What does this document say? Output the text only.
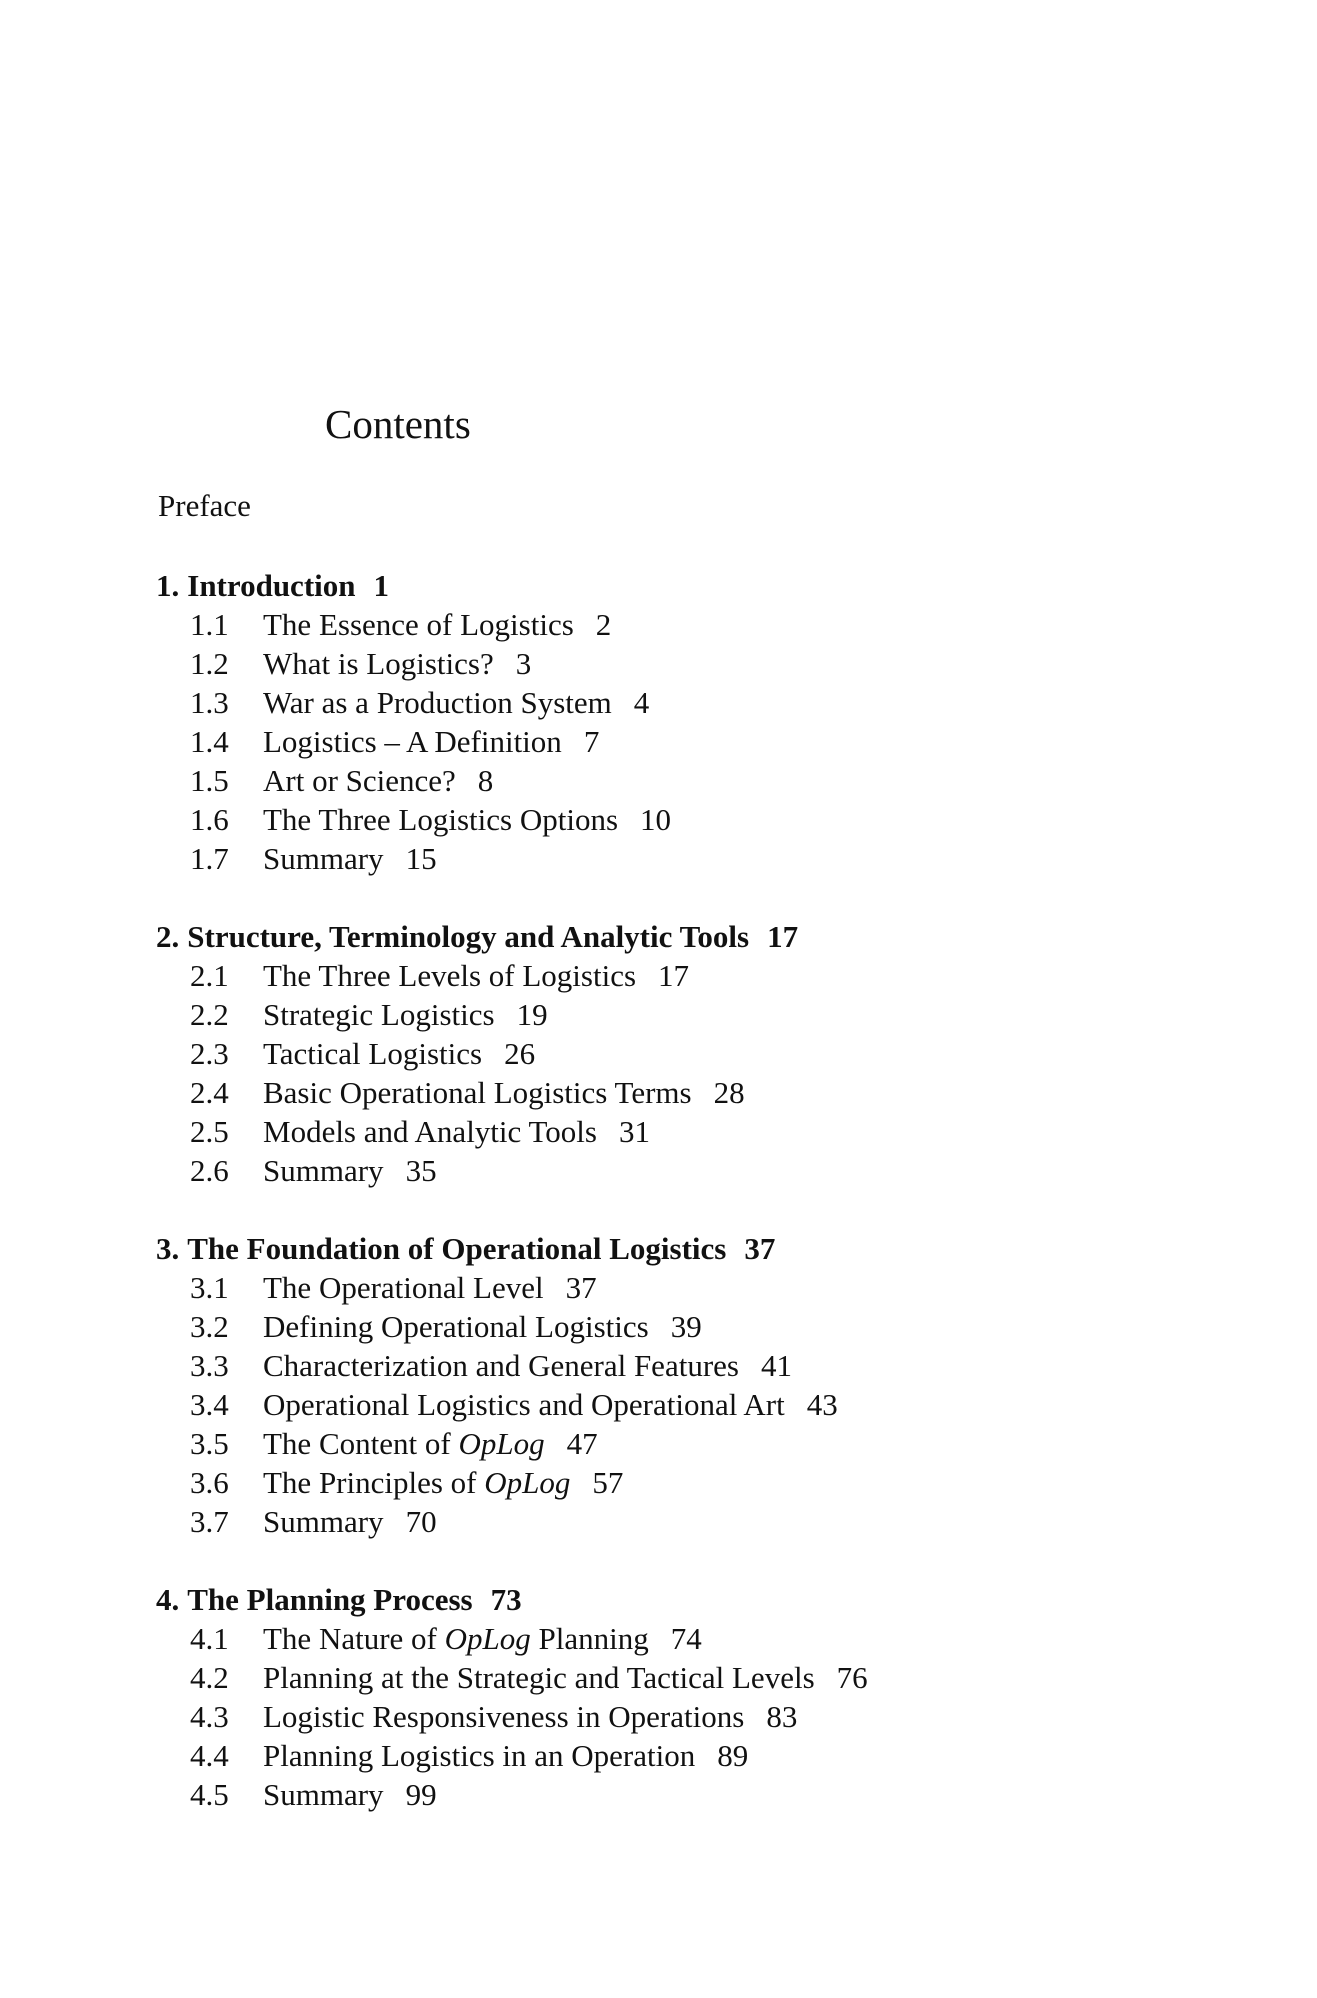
Contents
Preface
1. Introduction 1
1.1 The Essence of Logistics 2
1.2 What is Logistics? 3
1.3 War as a Production System 4
1.4 Logistics – A Definition 7
1.5 Art or Science? 8
1.6 The Three Logistics Options 10
1.7 Summary 15
2. Structure, Terminology and Analytic Tools 17
2.1 The Three Levels of Logistics 17
2.2 Strategic Logistics 19
2.3 Tactical Logistics 26
2.4 Basic Operational Logistics Terms 28
2.5 Models and Analytic Tools 31
2.6 Summary 35
3. The Foundation of Operational Logistics 37
3.1 The Operational Level 37
3.2 Defining Operational Logistics 39
3.3 Characterization and General Features 41
3.4 Operational Logistics and Operational Art 43
3.5 The Content of OpLog 47
3.6 The Principles of OpLog 57
3.7 Summary 70
4. The Planning Process 73
4.1 The Nature of OpLog Planning 74
4.2 Planning at the Strategic and Tactical Levels 76
4.3 Logistic Responsiveness in Operations 83
4.4 Planning Logistics in an Operation 89
4.5 Summary 99
